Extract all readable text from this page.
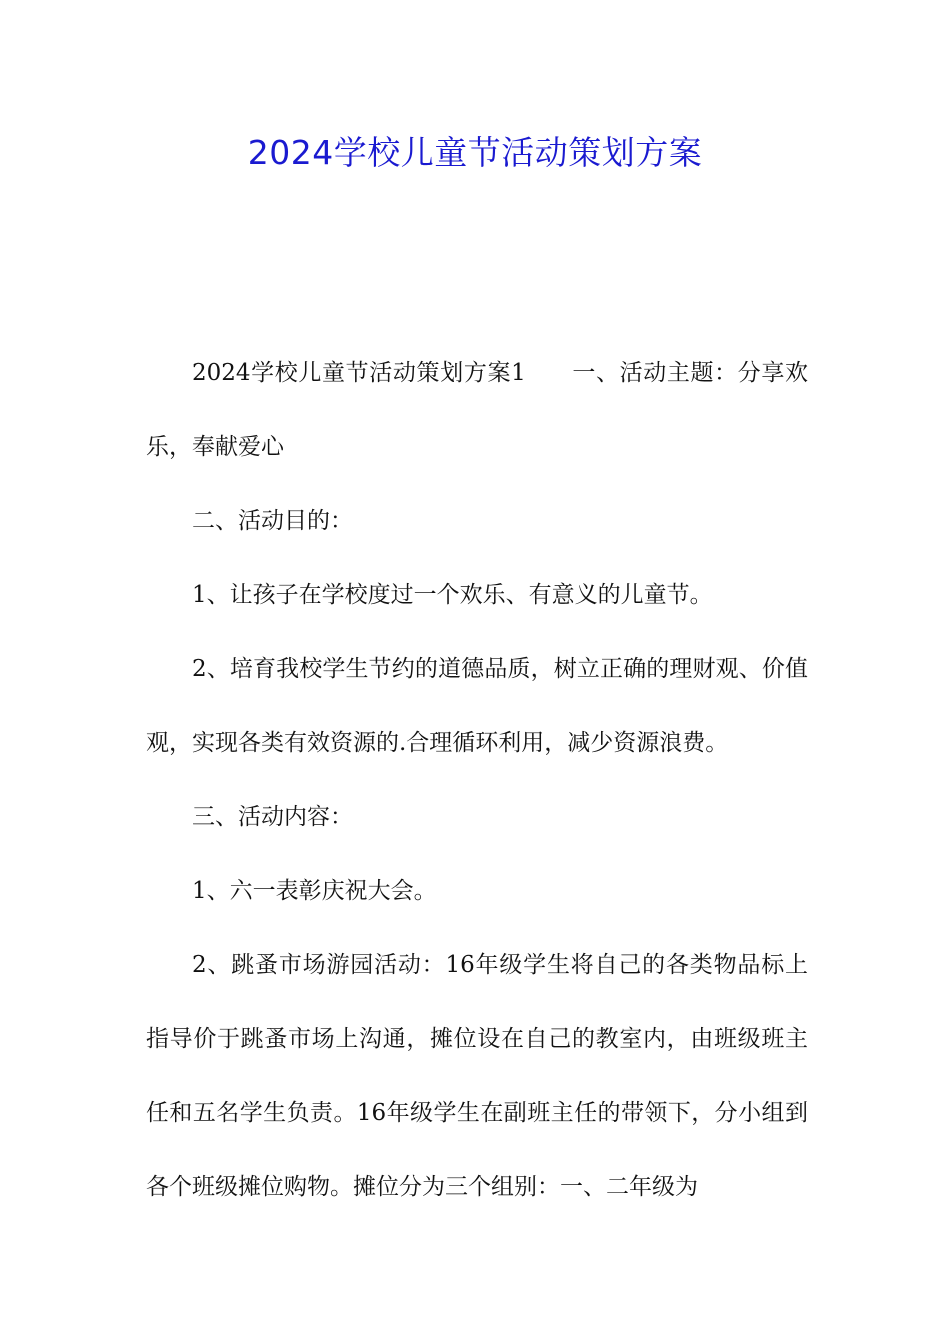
2024学校儿童节活动策划方案

2024学校儿童节活动策划方案1 一、活动主题：分享欢乐，奉献爱心

二、活动目的：

1、让孩子在学校度过一个欢乐、有意义的儿童节。

2、培育我校学生节约的道德品质，树立正确的理财观、价值观，实现各类有效资源的.合理循环利用，减少资源浪费。

三、活动内容：

1、六一表彰庆祝大会。

2、跳蚤市场游园活动：16年级学生将自己的各类物品标上指导价于跳蚤市场上沟通，摊位设在自己的教室内，由班级班主任和五名学生负责。16年级学生在副班主任的带领下，分小组到各个班级摊位购物。摊位分为三个组别：一、二年级为
